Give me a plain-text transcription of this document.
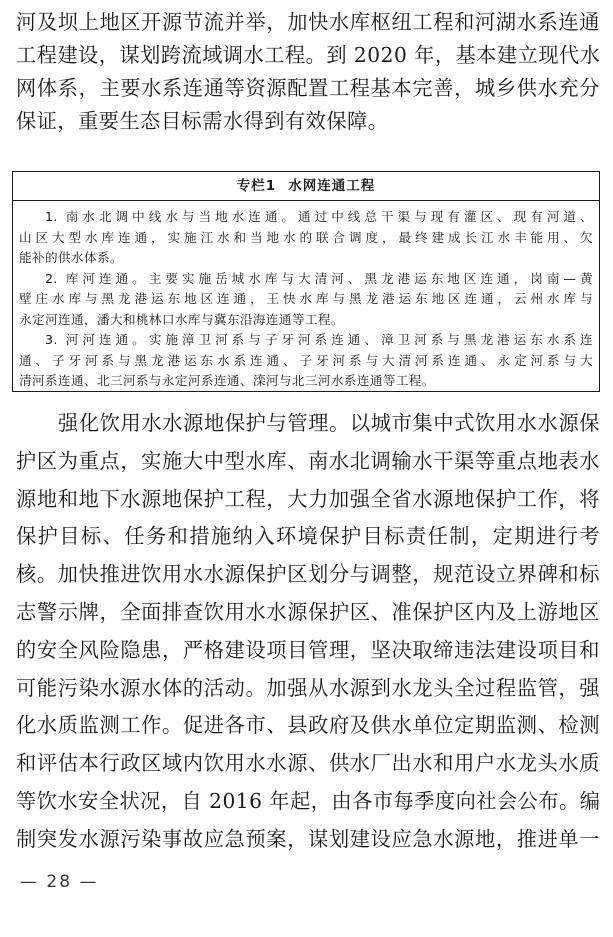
河及坝上地区开源节流并举，加快水库枢纽工程和河湖水系连通
工程建设，谋划跨流域调水工程。到 2020 年，基本建立现代水
网体系，主要水系连通等资源配置工程基本完善，城乡供水充分
保证，重要生态目标需水得到有效保障。
专栏1 水网连通工程
1. 南水北调中线水与当地水连通。通过中线总干渠与现有灌区、现有河道、
山区大型水库连通，实施江水和当地水的联合调度，最终建成长江水丰能用、欠
能补的供水体系。
2. 库河连通。主要实施岳城水库与大清河、黑龙港运东地区连通，岗南—黄
壁庄水库与黑龙港运东地区连通，王快水库与黑龙港运东地区连通，云州水库与
永定河连通，潘大和桃林口水库与冀东沿海连通等工程。
3. 河河连通。实施漳卫河系与子牙河系连通、漳卫河系与黑龙港运东水系连
通、子牙河系与黑龙港运东水系连通、子牙河系与大清河系连通、永定河系与大
清河系连通、北三河系与永定河系连通、滦河与北三河水系连通等工程。
强化饮用水水源地保护与管理。以城市集中式饮用水水源保
护区为重点，实施大中型水库、南水北调输水干渠等重点地表水
源地和地下水源地保护工程，大力加强全省水源地保护工作，将
保护目标、任务和措施纳入环境保护目标责任制，定期进行考
核。加快推进饮用水水源保护区划分与调整，规范设立界碑和标
志警示牌，全面排查饮用水水源保护区、准保护区内及上游地区
的安全风险隐患，严格建设项目管理，坚决取缔违法建设项目和
可能污染水源水体的活动。加强从水源到水龙头全过程监管，强
化水质监测工作。促进各市、县政府及供水单位定期监测、检测
和评估本行政区域内饮用水水源、供水厂出水和用户水龙头水质
等饮水安全状况，自 2016 年起，由各市每季度向社会公布。编
制突发水源污染事故应急预案，谋划建设应急水源地，推进单一
— 28 —
